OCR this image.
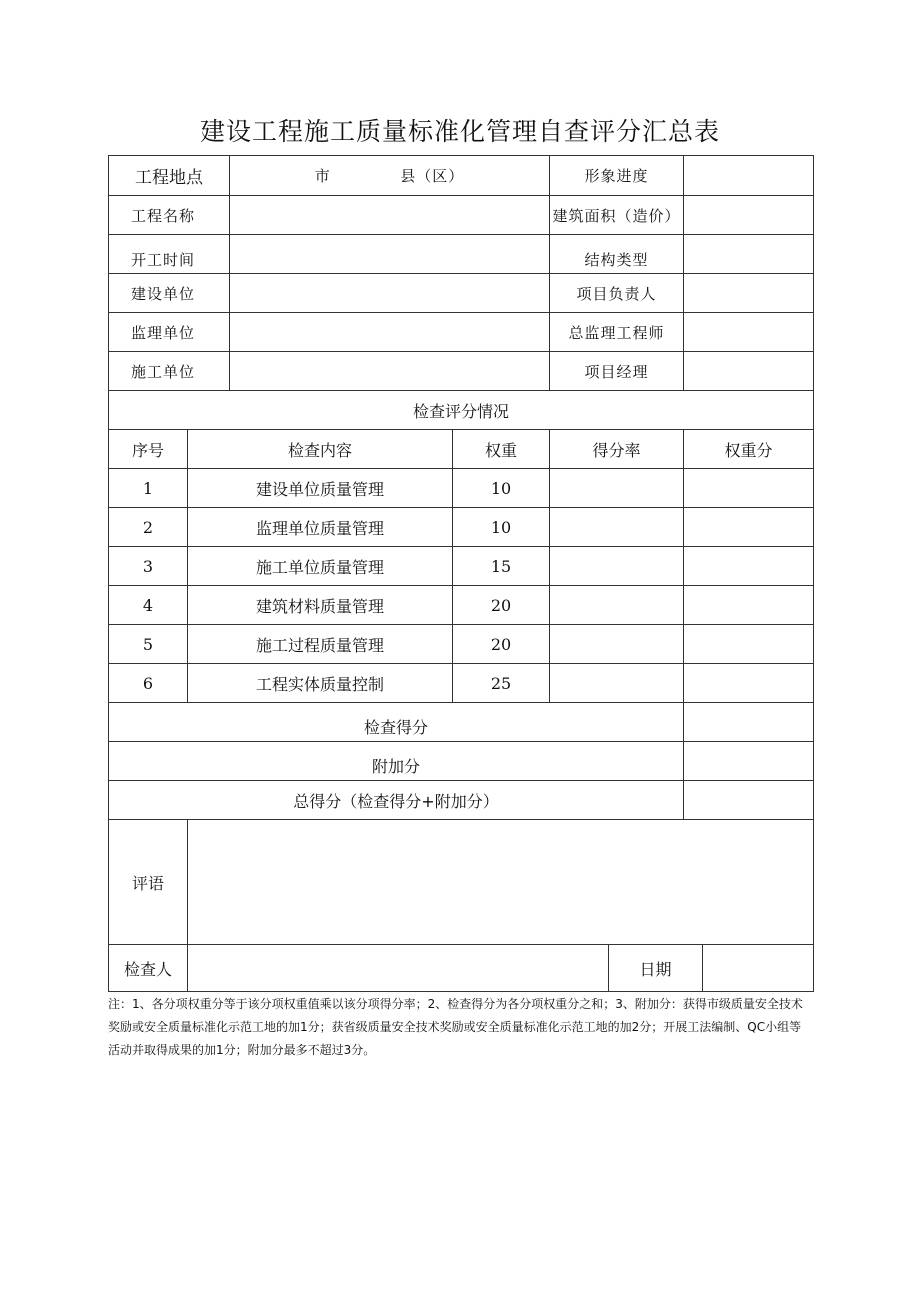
建设工程施工质量标准化管理自查评分汇总表
工程地点		市 县（区）		形象进度			
工程名称				建筑面积（造价）			
开工时间				结构类型			
建设单位				项目负责人			
监理单位				总监理工程师			
施工单位				项目经理			
检查评分情况							
序号	检查内容		权重	得分率		权重分	
1	建设单位质量管理		10				
2	监理单位质量管理		10				
3	施工单位质量管理		15				
4	建筑材料质量管理		20				
5	施工过程质量管理		20				
6	工程实体质量控制		25				
检查得分							
附加分							
总得分（检查得分+附加分）							
评语							
检查人					日期		
注：1、各分项权重分等于该分项权重值乘以该分项得分率；2、检查得分为各分项权重分之和；3、附加分：获得市级质量安全技术奖励或安全质量标准化示范工地的加1分；获省级质量安全技术奖励或安全质量标准化示范工地的加2分；开展工法编制、QC小组等活动并取得成果的加1分；附加分最多不超过3分。
